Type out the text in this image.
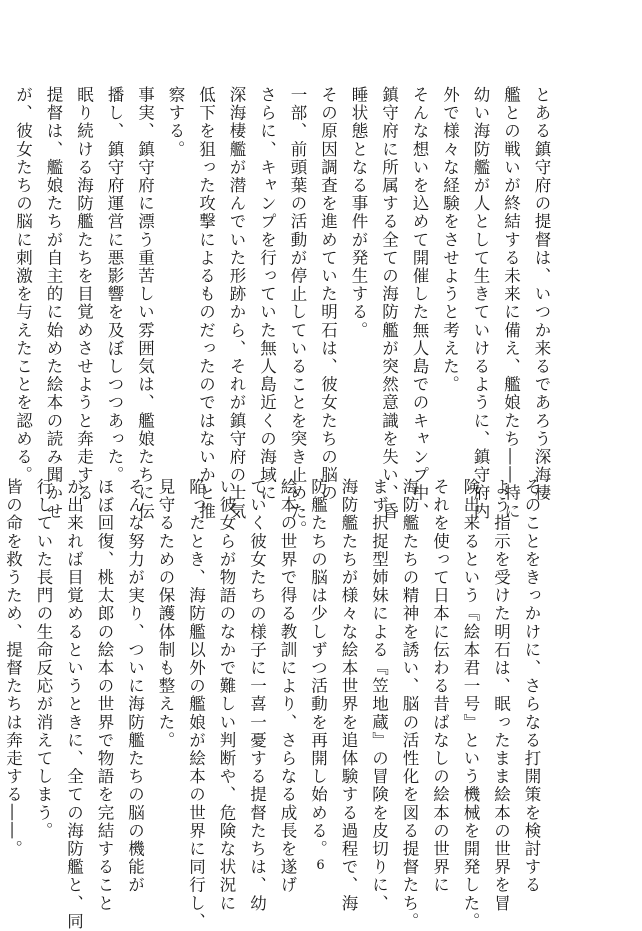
とある鎮守府の提督は、いつか来るであろう深海棲
艦との戦いが終結する未来に備え、艦娘たち――特に
幼い海防艦が人として生きていけるように、鎮守府内
外で様々な経験をさせようと考えた。
そんな想いを込めて開催した無人島でのキャンプ中、
鎮守府に所属する全ての海防艦が突然意識を失い、昏
睡状態となる事件が発生する。
その原因調査を進めていた明石は、彼女たちの脳の
一部、前頭葉の活動が停止していることを突き止めた。
さらに、キャンプを行っていた無人島近くの海域に
深海棲艦が潜んでいた形跡から、それが鎮守府の士気
低下を狙った攻撃によるものだったのではないかと推
察する。
事実、鎮守府に漂う重苦しい雰囲気は、艦娘たちに伝
播し、鎮守府運営に悪影響を及ぼしつつあった。
眠り続ける海防艦たちを目覚めさせようと奔走する
提督は、艦娘たちが自主的に始めた絵本の読み聞かせ
が、彼女たちの脳に刺激を与えたことを認める。
そのことをきっかけに、さらなる打開策を検討する
よう指示を受けた明石は、眠ったまま絵本の世界を冒
険出来るという『絵本君一号』という機械を開発した。
それを使って日本に伝わる昔ばなしの絵本の世界に
海防艦たちの精神を誘い、脳の活性化を図る提督たち。
まず択捉型姉妹による『笠地蔵』の冒険を皮切りに、
海防艦たちが様々な絵本世界を追体験する過程で、海
防艦たちの脳は少しずつ活動を再開し始める。
絵本の世界で得る教訓により、さらなる成長を遂げ
ていく彼女たちの様子に一喜一憂する提督たちは、幼
い彼女らが物語のなかで難しい判断や、危険な状況に
陥ったとき、海防艦以外の艦娘が絵本の世界に同行し、
見守るための保護体制も整えた。
そんな努力が実り、ついに海防艦たちの脳の機能が
ほぼ回復、桃太郎の絵本の世界で物語を完結すること
が出来れば目覚めるというときに、全ての海防艦と、同
行していた長門の生命反応が消えてしまう。
皆の命を救うため、提督たちは奔走する――。
6
